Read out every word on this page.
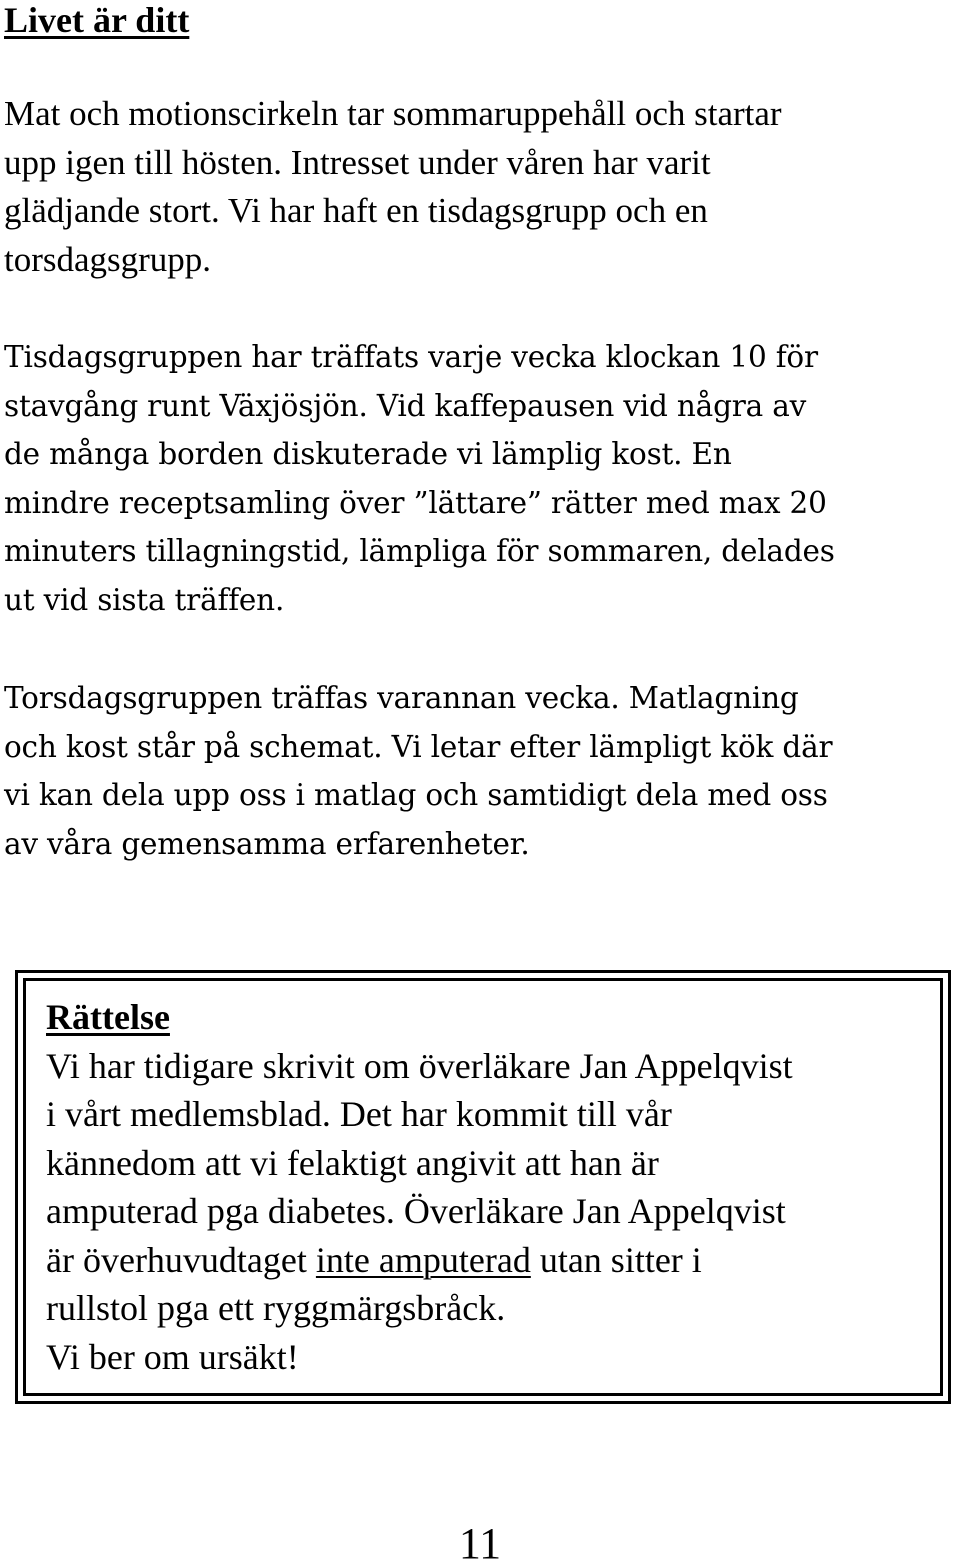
Livet är ditt
Mat och motionscirkeln tar sommaruppehåll och startar
upp igen till hösten. Intresset under våren har varit
glädjande stort. Vi har haft en tisdagsgrupp och en
torsdagsgrupp.
Tisdagsgruppen har träffats varje vecka klockan 10 för
stavgång runt Växjösjön. Vid kaffepausen vid några av
de många borden diskuterade vi lämplig kost. En
mindre receptsamling över ”lättare” rätter med max 20
minuters tillagningstid, lämpliga för sommaren, delades
ut vid sista träffen.
Torsdagsgruppen träffas varannan vecka. Matlagning
och kost står på schemat. Vi letar efter lämpligt kök där
vi kan dela upp oss i matlag och samtidigt dela med oss
av våra gemensamma erfarenheter.
Rättelse
Vi har tidigare skrivit om överläkare Jan Appelqvist
i vårt medlemsblad. Det har kommit till vår
kännedom att vi felaktigt angivit att han är
amputerad pga diabetes. Överläkare Jan Appelqvist
är överhuvudtaget inte amputerad utan sitter i
rullstol pga ett ryggmärgsbråck.
Vi ber om ursäkt!
11
